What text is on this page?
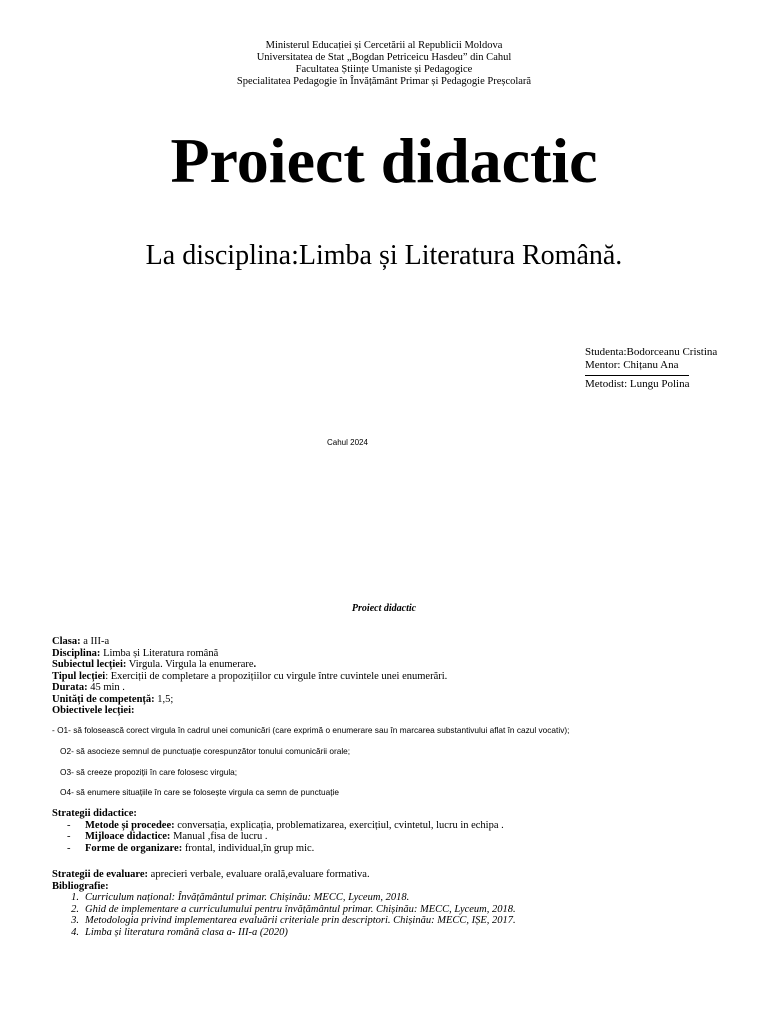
Ministerul Educației și Cercetării al Republicii Moldova
Universitatea de Stat „Bogdan Petriceicu Hasdeu” din Cahul
Facultatea Științe Umaniste și Pedagogice
Specialitatea Pedagogie în Învățământ Primar și Pedagogie Preșcolară
Proiect didactic
La disciplina:Limba și Literatura Română.
Studenta:Bodorceanu Cristina
Mentor: Chițanu Ana
Metodist: Lungu Polina
Cahul 2024
Proiect didactic
Clasa: a III-a
Disciplina: Limba și Literatura română
Subiectul lecției: Virgula. Virgula la enumerare.
Tipul lecției: Exerciții de completare a propozițiilor cu virgule între cuvintele unei enumerări.
Durata: 45 min .
Unități de competență: 1,5;
Obiectivele lecției:
- O1- să folosească corect virgula în cadrul unei comunicări (care exprimă o enumerare sau în marcarea substantivului aflat în cazul vocativ);
O2- să asocieze semnul de punctuație corespunzător tonului comunicării orale;
O3- să creeze propoziții în care folosesc virgula;
O4- să enumere situațiile în care se folosește virgula ca semn de punctuație
Strategii didactice:
- Metode și procedee: conversația, explicația, problematizarea, exercițiul, cvintetul, lucru in echipa .
- Mijloace didactice: Manual ,fisa de lucru .
- Forme de organizare: frontal, individual,în grup mic.
Strategii de evaluare: aprecieri verbale, evaluare orală,evaluare formativa.
Bibliografie:
1. Curriculum național: Învățământul primar. Chișinău: MECC, Lyceum, 2018.
2. Ghid de implementare a curriculumului pentru învățământul primar. Chișinău: MECC, Lyceum, 2018.
3. Metodologia privind implementarea evaluării criteriale prin descriptori. Chișinău: MECC, IȘE, 2017.
4. Limba și literatura română clasa a- III-a (2020)
